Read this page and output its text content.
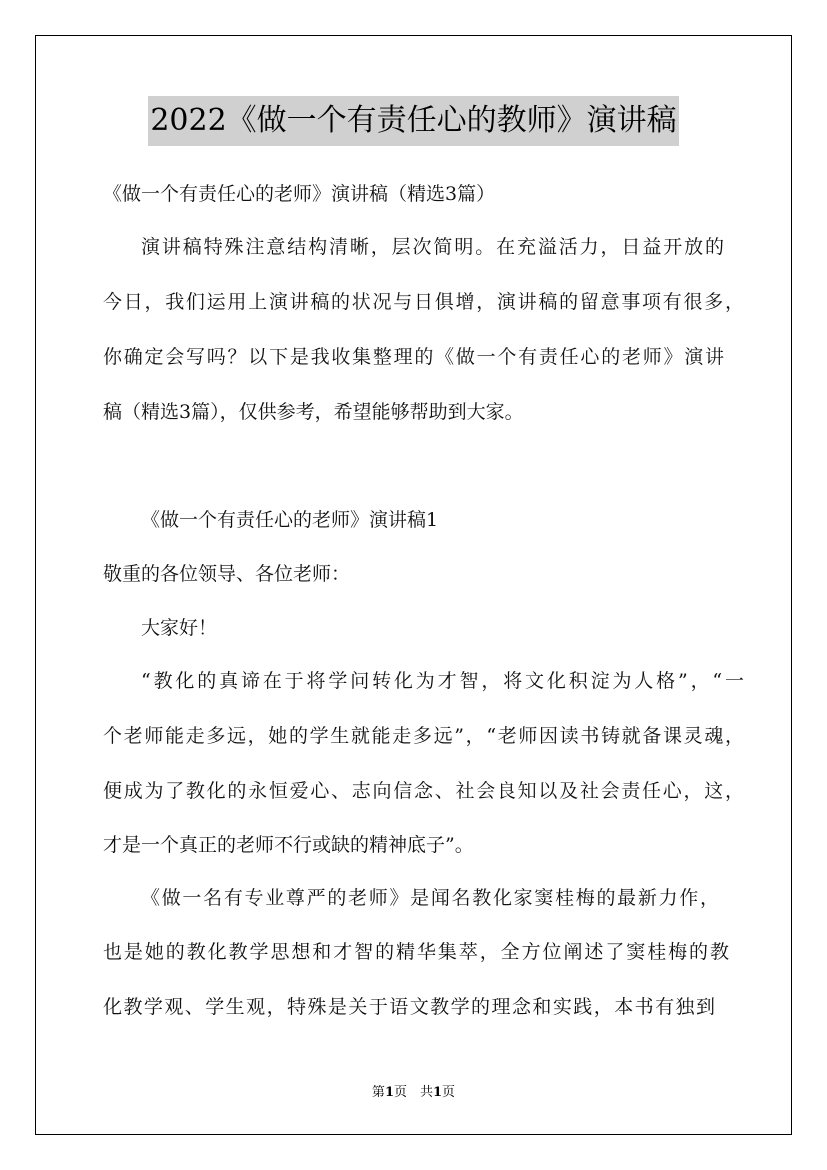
2022《做一个有责任心的教师》演讲稿
《做一个有责任心的老师》演讲稿（精选3篇）
演讲稿特殊注意结构清晰，层次简明。在充溢活力，日益开放的
今日，我们运用上演讲稿的状况与日俱增，演讲稿的留意事项有很多，
你确定会写吗？以下是我收集整理的《做一个有责任心的老师》演讲
稿（精选3篇），仅供参考，希望能够帮助到大家。
《做一个有责任心的老师》演讲稿1
敬重的各位领导、各位老师：
大家好！
“教化的真谛在于将学问转化为才智，将文化积淀为人格”，“一
个老师能走多远，她的学生就能走多远”，“老师因读书铸就备课灵魂，
便成为了教化的永恒爱心、志向信念、社会良知以及社会责任心，这，
才是一个真正的老师不行或缺的精神底子”。
《做一名有专业尊严的老师》是闻名教化家窦桂梅的最新力作，
也是她的教化教学思想和才智的精华集萃，全方位阐述了窦桂梅的教
化教学观、学生观，特殊是关于语文教学的理念和实践，本书有独到
第1页　共1页
